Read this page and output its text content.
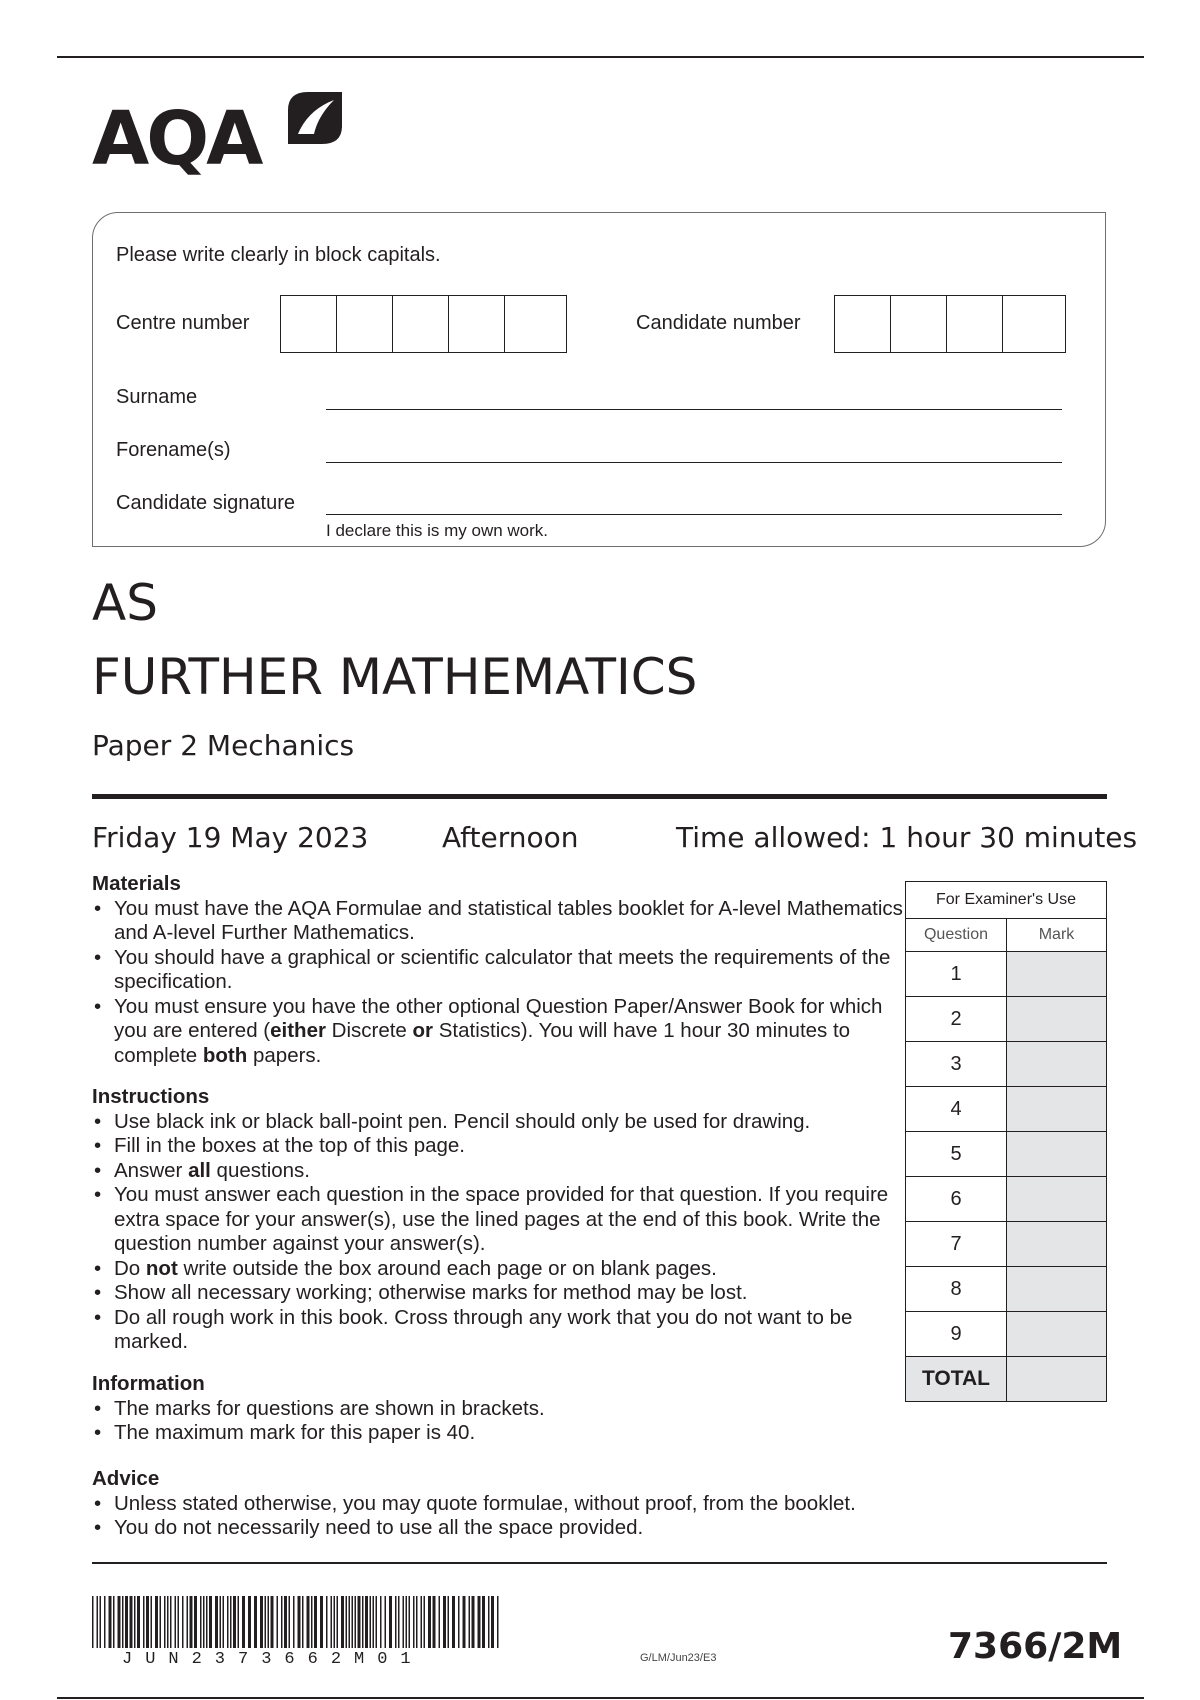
AQA
Please write clearly in block capitals.
Centre number	Candidate number
Surname
Forename(s)
Candidate signature
I declare this is my own work.
AS
FURTHER MATHEMATICS
Paper 2 Mechanics
Friday 19 May 2023	Afternoon	Time allowed: 1 hour 30 minutes
Materials
• You must have the AQA Formulae and statistical tables booklet for A-level Mathematics and A-level Further Mathematics.
• You should have a graphical or scientific calculator that meets the requirements of the specification.
• You must ensure you have the other optional Question Paper/Answer Book for which you are entered (either Discrete or Statistics). You will have 1 hour 30 minutes to complete both papers.
Instructions
• Use black ink or black ball-point pen. Pencil should only be used for drawing.
• Fill in the boxes at the top of this page.
• Answer all questions.
• You must answer each question in the space provided for that question. If you require extra space for your answer(s), use the lined pages at the end of this book. Write the question number against your answer(s).
• Do not write outside the box around each page or on blank pages.
• Show all necessary working; otherwise marks for method may be lost.
• Do all rough work in this book. Cross through any work that you do not want to be marked.
Information
• The marks for questions are shown in brackets.
• The maximum mark for this paper is 40.
Advice
• Unless stated otherwise, you may quote formulae, without proof, from the booklet.
• You do not necessarily need to use all the space provided.
For Examiner's Use	
Question	Mark
1	
2	
3	
4	
5	
6	
7	
8	
9	
TOTAL	
JUN2373662M01	G/LM/Jun23/E3	7366/2M
